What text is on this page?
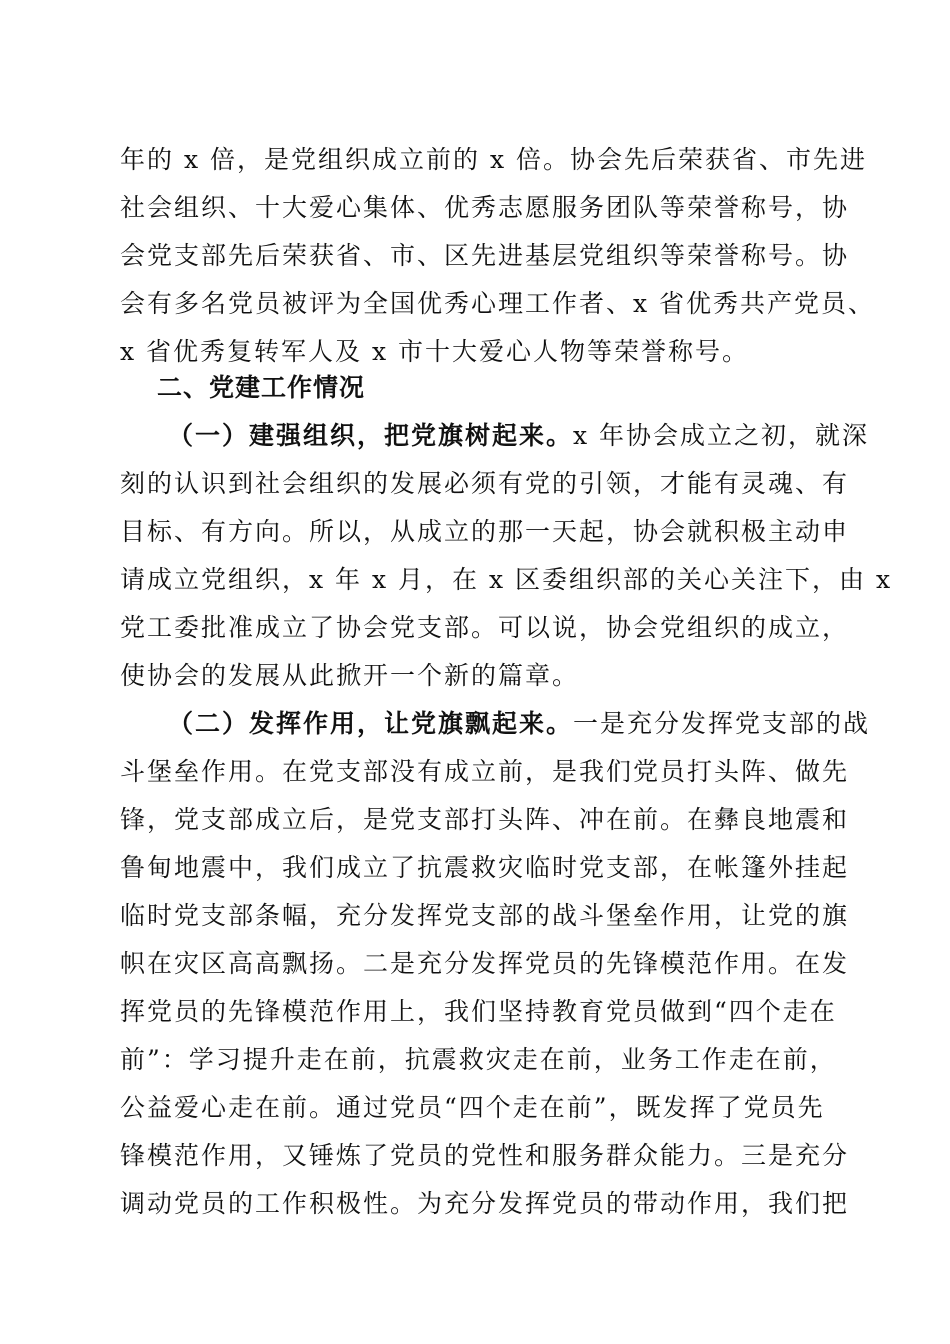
年的 x 倍，是党组织成立前的 x 倍。协会先后荣获省、市先进
社会组织、十大爱心集体、优秀志愿服务团队等荣誉称号，协
会党支部先后荣获省、市、区先进基层党组织等荣誉称号。协
会有多名党员被评为全国优秀心理工作者、x 省优秀共产党员、
x 省优秀复转军人及 x 市十大爱心人物等荣誉称号。
二、党建工作情况
（一）建强组织，把党旗树起来。x 年协会成立之初，就深
刻的认识到社会组织的发展必须有党的引领，才能有灵魂、有
目标、有方向。所以，从成立的那一天起，协会就积极主动申
请成立党组织，x 年 x 月，在 x 区委组织部的关心关注下，由 x
党工委批准成立了协会党支部。可以说，协会党组织的成立，
使协会的发展从此掀开一个新的篇章。
（二）发挥作用，让党旗飘起来。一是充分发挥党支部的战
斗堡垒作用。在党支部没有成立前，是我们党员打头阵、做先
锋，党支部成立后，是党支部打头阵、冲在前。在彝良地震和
鲁甸地震中，我们成立了抗震救灾临时党支部，在帐篷外挂起
临时党支部条幅，充分发挥党支部的战斗堡垒作用，让党的旗
帜在灾区高高飘扬。二是充分发挥党员的先锋模范作用。在发
挥党员的先锋模范作用上，我们坚持教育党员做到“四个走在
前”：学习提升走在前，抗震救灾走在前，业务工作走在前，
公益爱心走在前。通过党员“四个走在前”，既发挥了党员先
锋模范作用，又锤炼了党员的党性和服务群众能力。三是充分
调动党员的工作积极性。为充分发挥党员的带动作用，我们把
